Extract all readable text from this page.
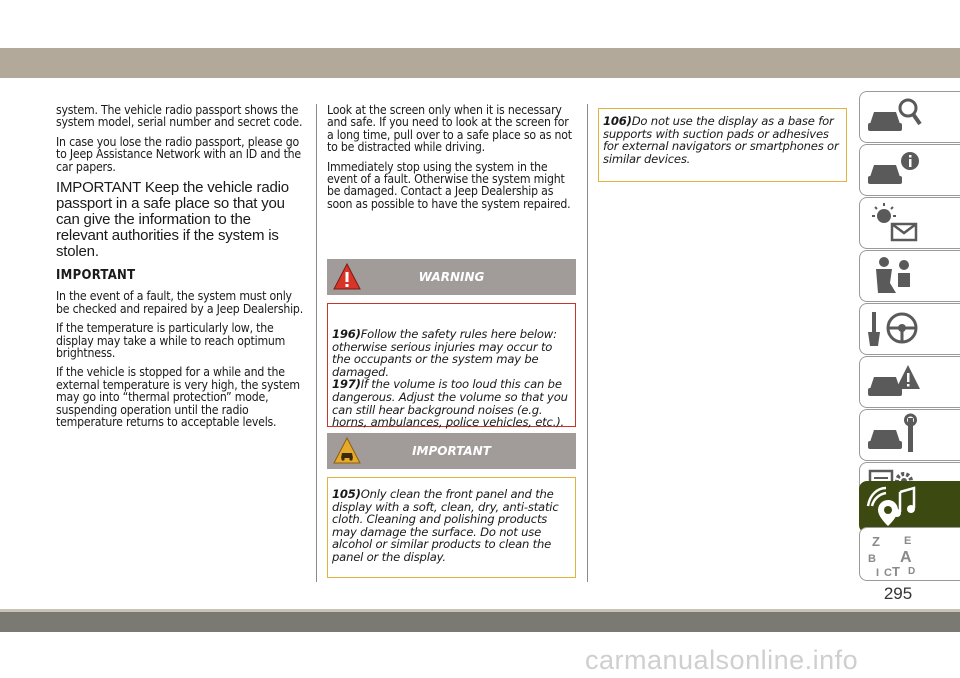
system. The vehicle radio passport shows the system model, serial number and secret code.

In case you lose the radio passport, please go to Jeep Assistance Network with an ID and the car papers.

IMPORTANT Keep the vehicle radio passport in a safe place so that you can give the information to the relevant authorities if the system is stolen.
IMPORTANT

In the event of a fault, the system must only be checked and repaired by a Jeep Dealership.

If the temperature is particularly low, the display may take a while to reach optimum brightness.

If the vehicle is stopped for a while and the external temperature is very high, the system may go into “thermal protection” mode, suspending operation until the radio temperature returns to acceptable levels.

Look at the screen only when it is necessary and safe. If you need to look at the screen for a long time, pull over to a safe place so as not to be distracted while driving.

Immediately stop using the system in the event of a fault. Otherwise the system might be damaged. Contact a Jeep Dealership as soon as possible to have the system repaired.

WARNING

196)Follow the safety rules here below: otherwise serious injuries may occur to the occupants or the system may be damaged.

197)If the volume is too loud this can be dangerous. Adjust the volume so that you can still hear background noises (e.g. horns, ambulances, police vehicles, etc.).

IMPORTANT

105)Only clean the front panel and the display with a soft, clean, dry, anti-static cloth. Cleaning and polishing products may damage the surface. Do not use alcohol or similar products to clean the panel or the display.

106)Do not use the display as a base for supports with suction pads or adhesives for external navigators or smartphones or similar devices.

Z E
B A
C D
I T
295
carmanualsonline.info
